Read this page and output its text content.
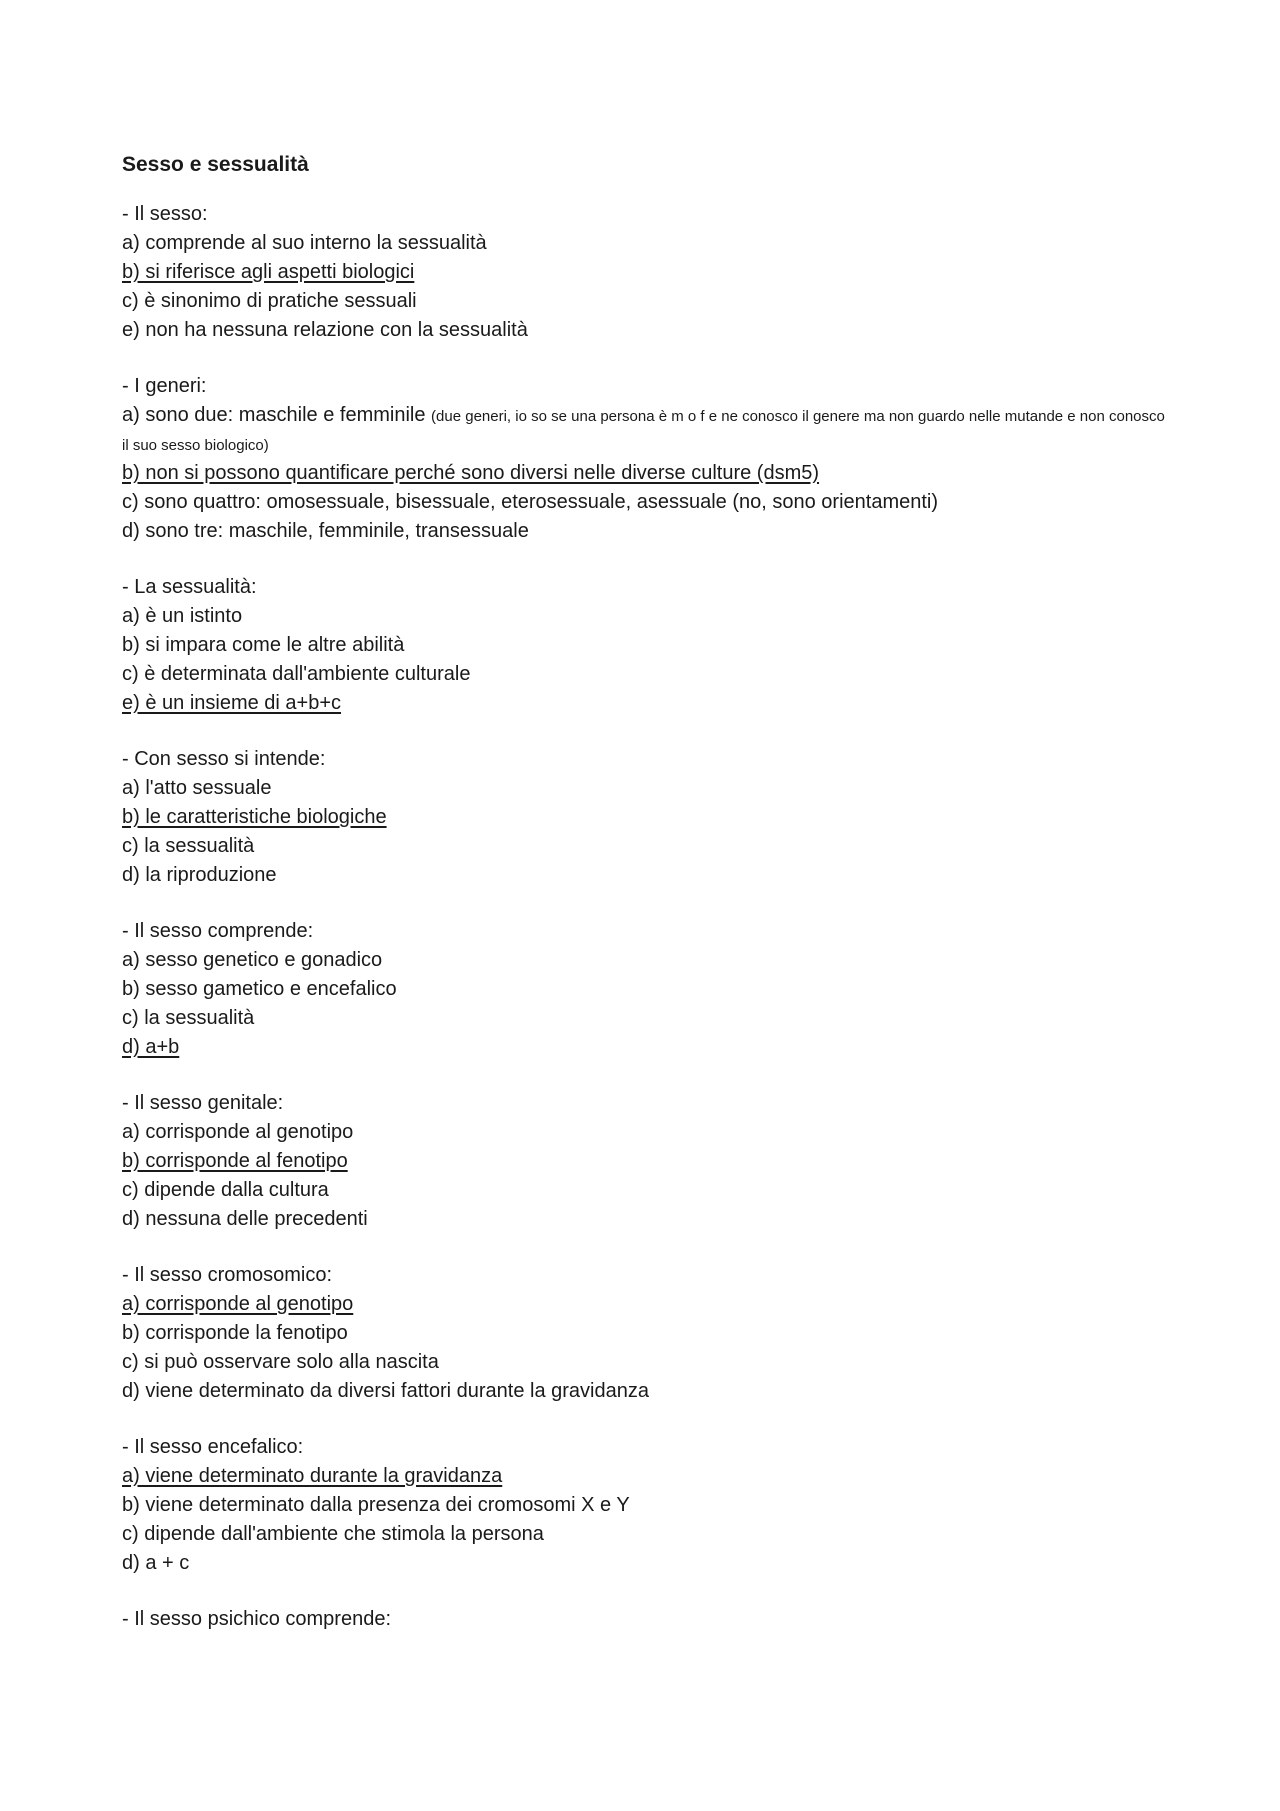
Sesso e sessualità
- Il sesso:
a) comprende al suo interno la sessualità
b) si riferisce agli aspetti biologici
c) è sinonimo di pratiche sessuali
e) non ha nessuna relazione con la sessualità
- I generi:
a) sono due: maschile e femminile (due generi, io so se una persona è m o f e ne conosco il genere ma non guardo nelle mutande e non conosco il suo sesso biologico)
b) non si possono quantificare perché sono diversi nelle diverse culture (dsm5)
c) sono quattro: omosessuale, bisessuale, eterosessuale, asessuale (no, sono orientamenti)
d) sono tre: maschile, femminile, transessuale
- La sessualità:
a) è un istinto
b) si impara come le altre abilità
c) è determinata dall'ambiente culturale
e) è un insieme di a+b+c
- Con sesso si intende:
a) l'atto sessuale
b) le caratteristiche biologiche
c) la sessualità
d) la riproduzione
- Il sesso comprende:
a) sesso genetico e gonadico
b) sesso gametico e encefalico
c) la sessualità
d) a+b
- Il sesso genitale:
a) corrisponde al genotipo
b) corrisponde al fenotipo
c) dipende dalla cultura
d) nessuna delle precedenti
- Il sesso cromosomico:
a) corrisponde al genotipo
b) corrisponde la fenotipo
c) si può osservare solo alla nascita
d) viene determinato da diversi fattori durante la gravidanza
- Il sesso encefalico:
a) viene determinato durante la gravidanza
b) viene determinato dalla presenza dei cromosomi X e Y
c) dipende dall'ambiente che stimola la persona
d) a + c
- Il sesso psichico comprende:
